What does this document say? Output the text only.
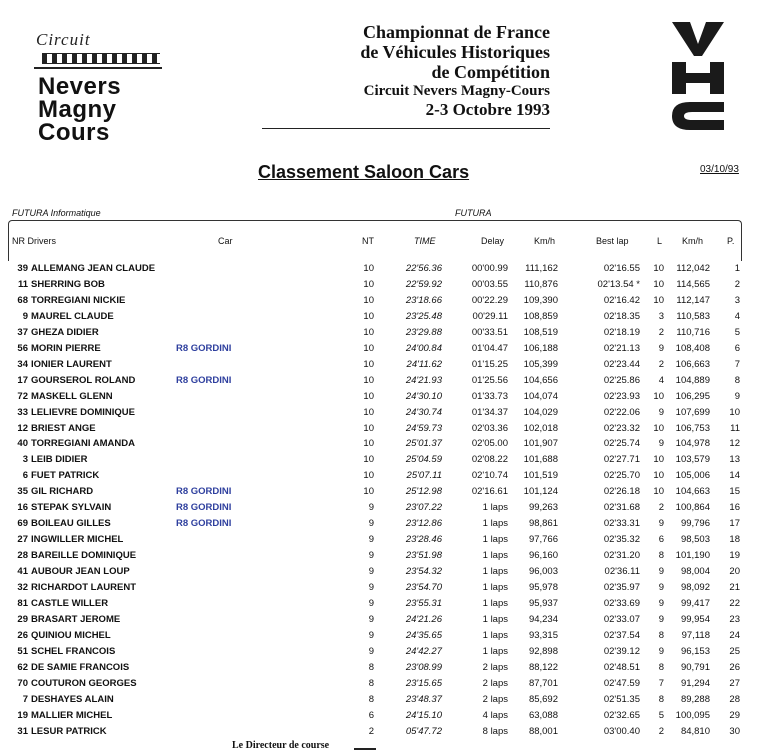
Circuit
Nevers
Magny
Cours
Championnat de France
de Véhicules Historiques
de Compétition
Circuit Nevers Magny-Cours
2-3 Octobre 1993
Classement Saloon Cars	03/10/93
FUTURA Informatique	FUTURA
NR Drivers	Car	NT	TIME	Delay	Km/h	Best lap	L Km/h	P.
39 ALLEMANG JEAN CLAUDE	10	22'56.36	00'00.99	111,162	02'16.55	10	112,042	1
11 SHERRING BOB	10	22'59.92	00'03.55	110,876	02'13.54 *	10	114,565	2
68 TORREGIANI NICKIE	10	23'18.66	00'22.29	109,390	02'16.42	10	112,147	3
9 MAUREL CLAUDE	10	23'25.48	00'29.11	108,859	02'18.35	3	110,583	4
37 GHEZA DIDIER	10	23'29.88	00'33.51	108,519	02'18.19	2	110,716	5
56 MORIN PIERRE	R8 GORDINI	10	24'00.84	01'04.47	106,188	02'21.13	9	108,408	6
34 IONIER LAURENT	10	24'11.62	01'15.25	105,399	02'23.44	2	106,663	7
17 GOURSEROL ROLAND	R8 GORDINI	10	24'21.93	01'25.56	104,656	02'25.86	4	104,889	8
72 MASKELL GLENN	10	24'30.10	01'33.73	104,074	02'23.93	10	106,295	9
33 LELIEVRE DOMINIQUE	10	24'30.74	01'34.37	104,029	02'22.06	9	107,699	10
12 BRIEST ANGE	10	24'59.73	02'03.36	102,018	02'23.32	10	106,753	11
40 TORREGIANI AMANDA	10	25'01.37	02'05.00	101,907	02'25.74	9	104,978	12
3 LEIB DIDIER	10	25'04.59	02'08.22	101,688	02'27.71	10	103,579	13
6 FUET PATRICK	10	25'07.11	02'10.74	101,519	02'25.70	10	105,006	14
35 GIL RICHARD	R8 GORDINI	10	25'12.98	02'16.61	101,124	02'26.18	10	104,663	15
16 STEPAK SYLVAIN	R8 GORDINI	9	23'07.22	1 laps	99,263	02'31.68	2	100,864	16
69 BOILEAU GILLES	R8 GORDINI	9	23'12.86	1 laps	98,861	02'33.31	9	99,796	17
27 INGWILLER MICHEL	9	23'28.46	1 laps	97,766	02'35.32	6	98,503	18
28 BAREILLE DOMINIQUE	9	23'51.98	1 laps	96,160	02'31.20	8	101,190	19
41 AUBOUR JEAN LOUP	9	23'54.32	1 laps	96,003	02'36.11	9	98,004	20
32 RICHARDOT LAURENT	9	23'54.70	1 laps	95,978	02'35.97	9	98,092	21
81 CASTLE WILLER	9	23'55.31	1 laps	95,937	02'33.69	9	99,417	22
29 BRASART JEROME	9	24'21.26	1 laps	94,234	02'33.07	9	99,954	23
26 QUINIOU MICHEL	9	24'35.65	1 laps	93,315	02'37.54	8	97,118	24
51 SCHEL FRANCOIS	9	24'42.27	1 laps	92,898	02'39.12	9	96,153	25
62 DE SAMIE FRANCOIS	8	23'08.99	2 laps	88,122	02'48.51	8	90,791	26
70 COUTURON GEORGES	8	23'15.65	2 laps	87,701	02'47.59	7	91,294	27
7 DESHAYES ALAIN	8	23'48.37	2 laps	85,692	02'51.35	8	89,288	28
19 MALLIER MICHEL	6	24'15.10	4 laps	63,088	02'32.65	5	100,095	29
31 LESUR PATRICK	2	05'47.72	8 laps	88,001	03'00.40	2	84,810	30
Le Directeur de course
